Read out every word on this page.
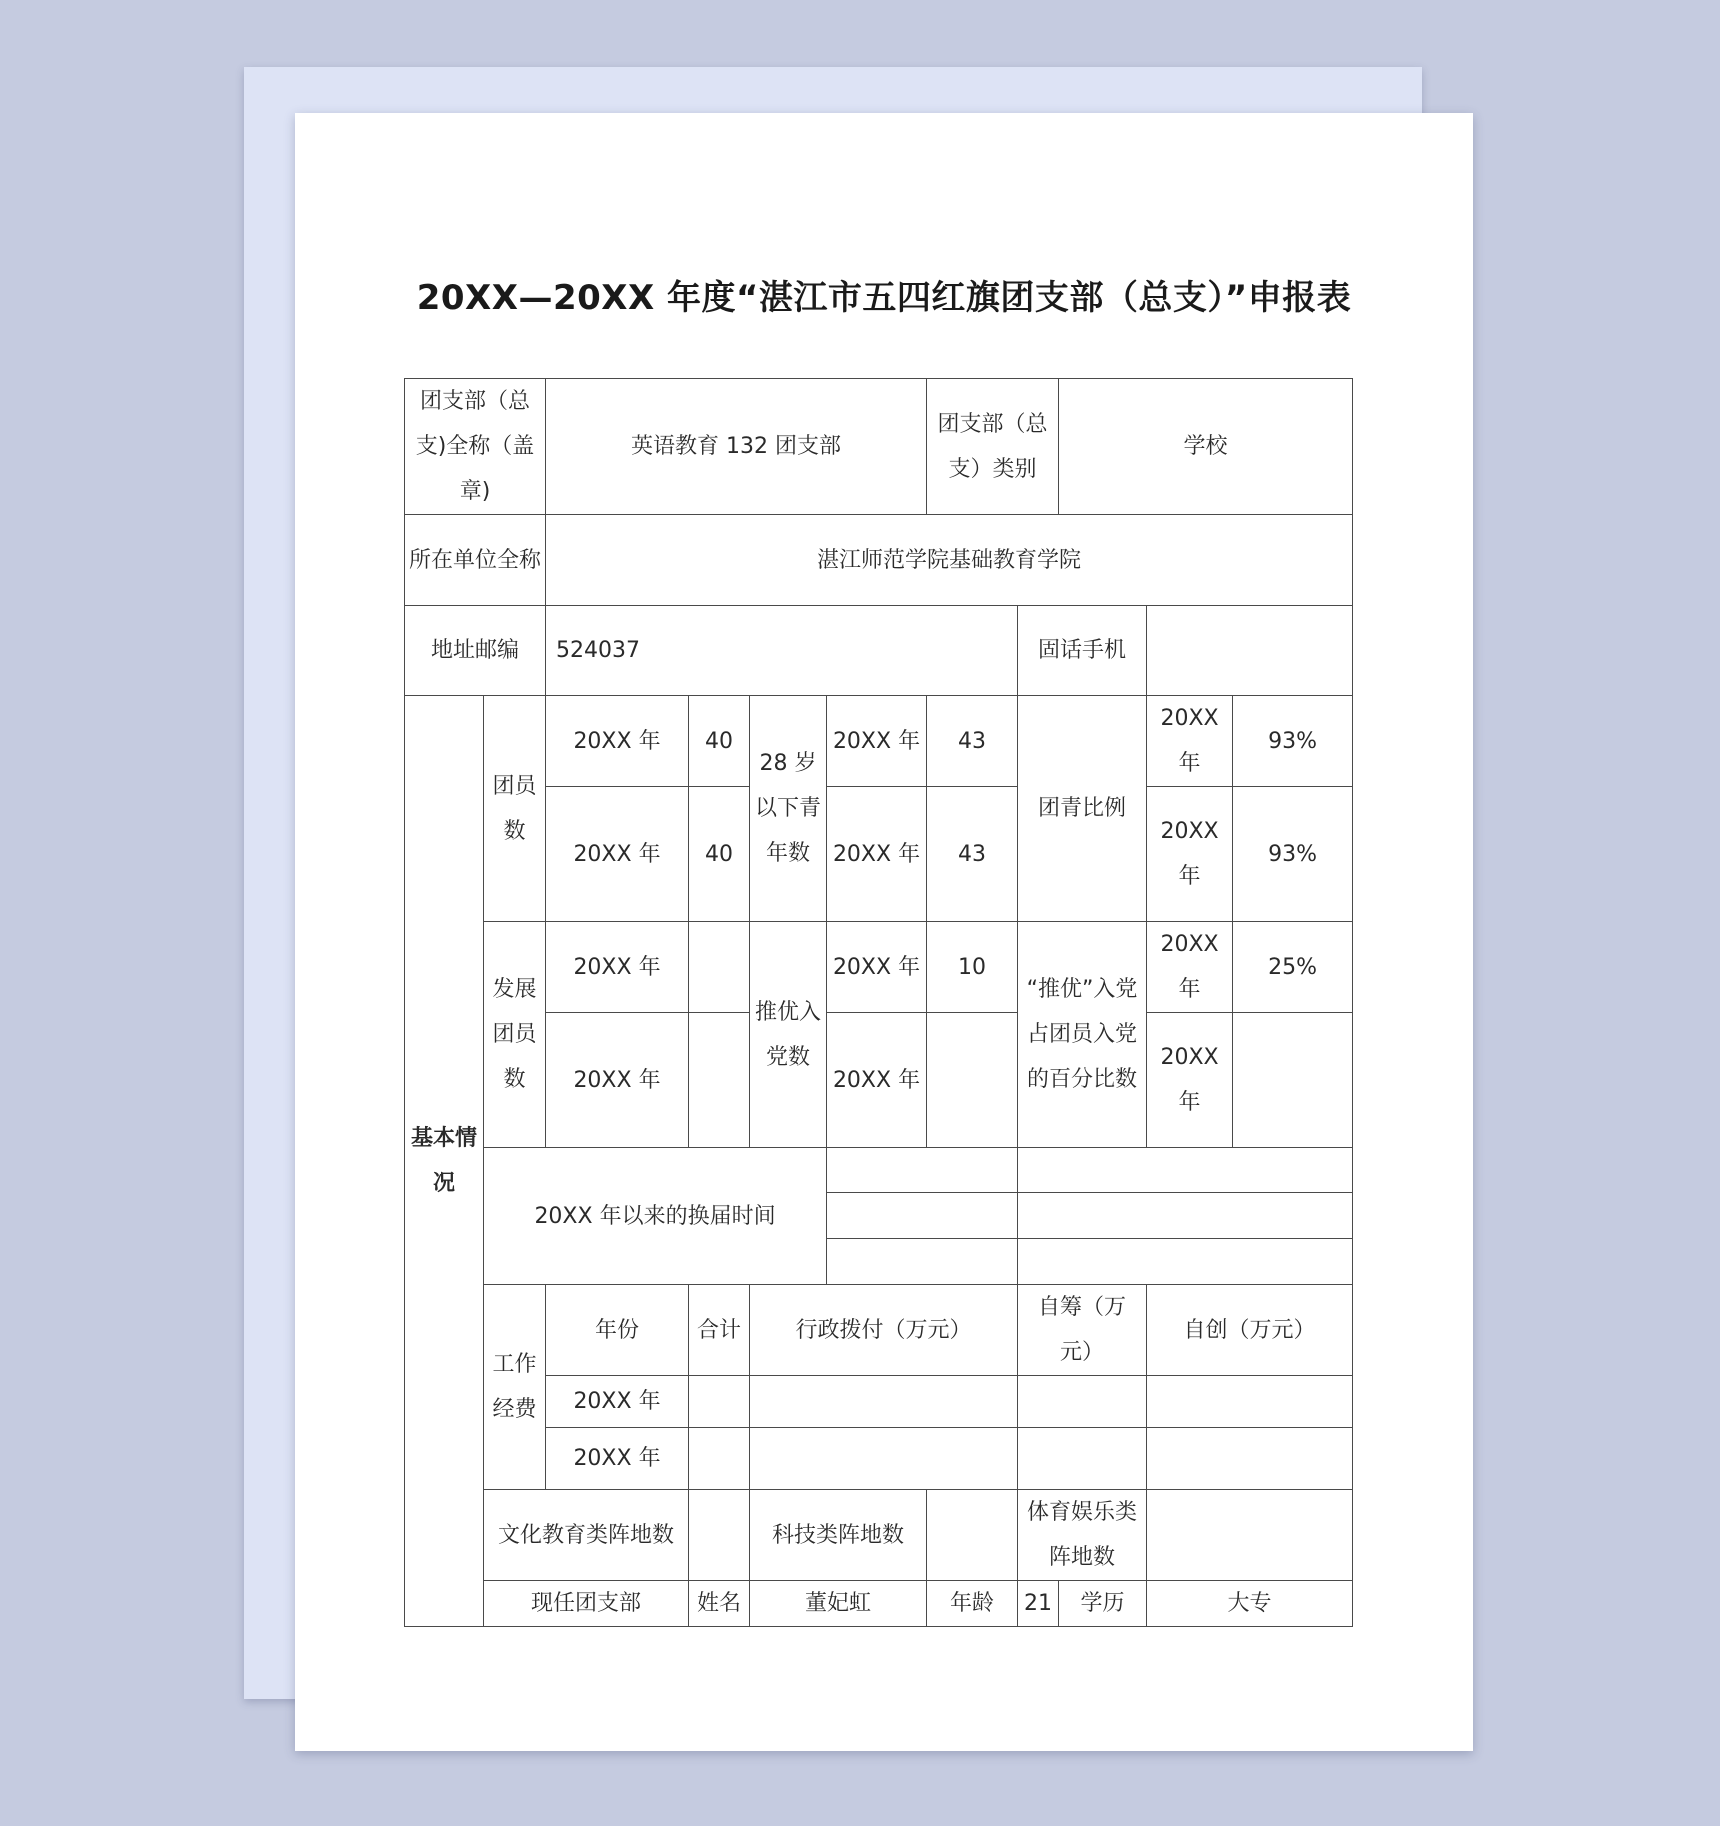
20XX—20XX 年度“湛江市五四红旗团支部（总支）”申报表
团支部（总支)全称（盖章)		英语教育 132 团支部				团支部（总支）类别		学校		
所在单位全称		湛江师范学院基础教育学院								
地址邮编		524037					固话手机			
基本情况	团员数	20XX 年	40	28 岁以下青年数	20XX 年	43	团青比例		20XX 年	93%
		20XX 年	40		20XX 年	43			20XX 年	93%
	发展团员数	20XX 年		推优入党数	20XX 年	10	“推优”入党占团员入党的百分比数		20XX 年	25%
		20XX 年			20XX 年				20XX 年	
	20XX 年以来的换届时间									

	工作经费	年份	合计	行政拨付（万元）			自筹（万元）		自创（万元）	
		20XX 年								
		20XX 年								
	文化教育类阵地数			科技类阵地数			体育娱乐类阵地数			
	现任团支部		姓名	董妃虹		年龄	21	学历	大专	
